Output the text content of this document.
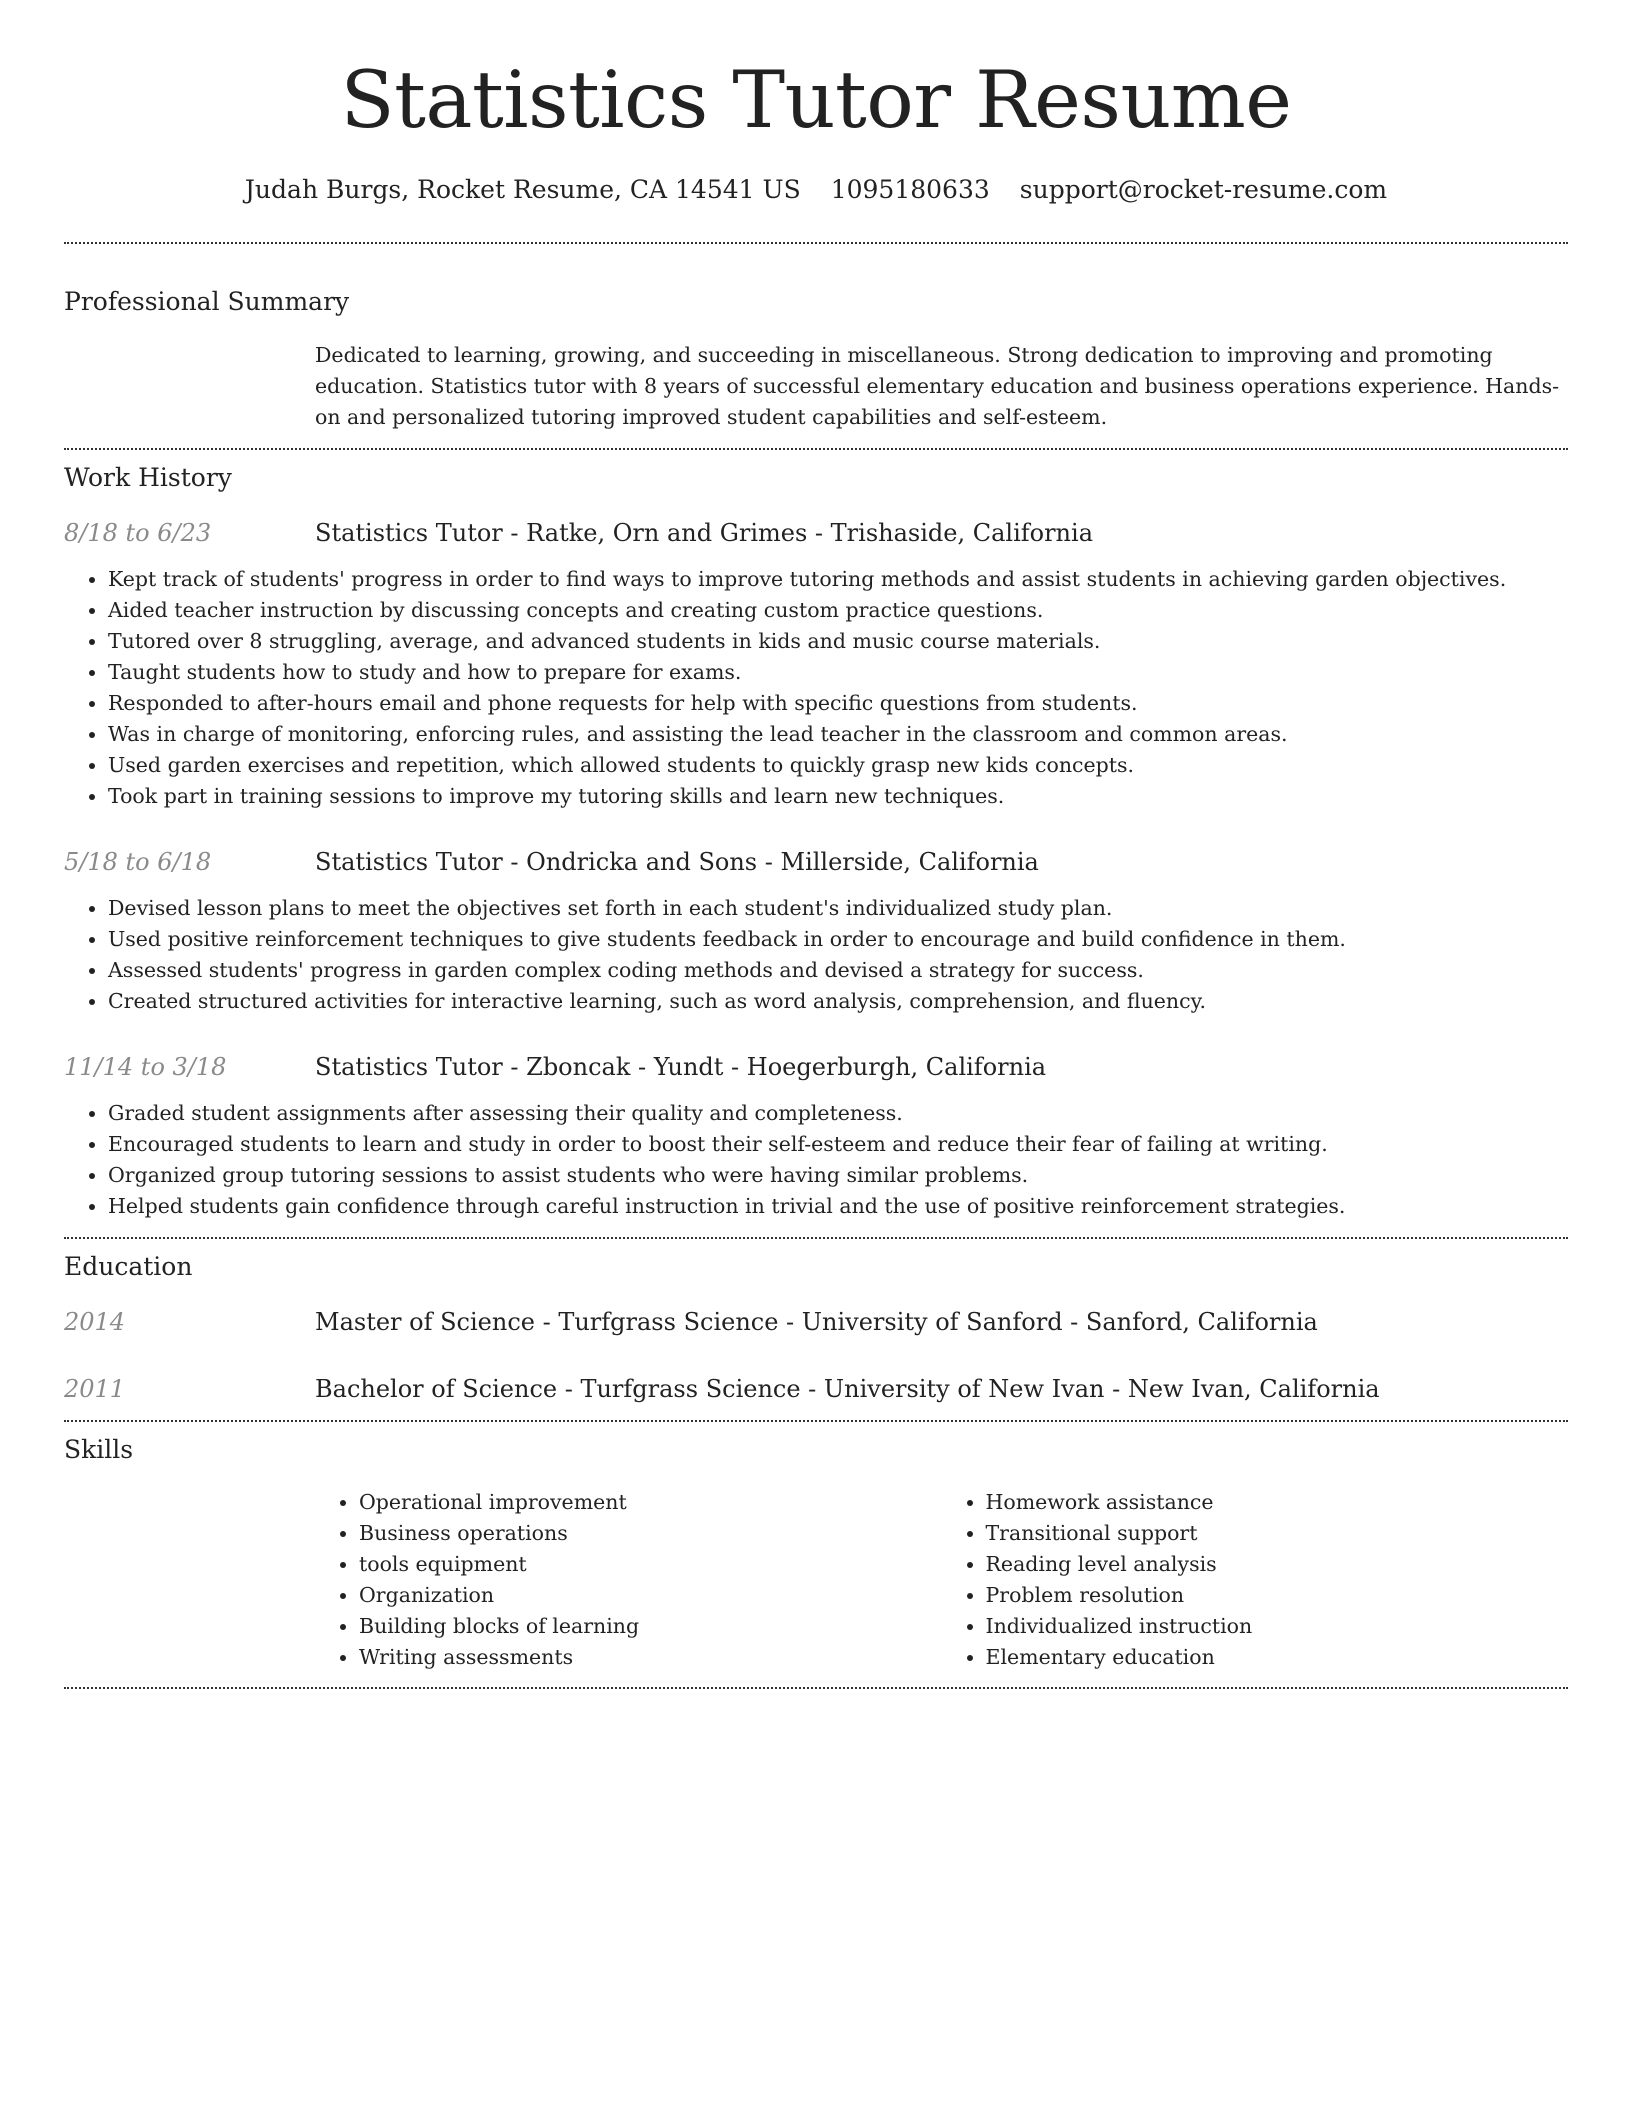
Statistics Tutor Resume
Judah Burgs, Rocket Resume, CA 14541 US 1095180633 support@rocket-resume.com
Professional Summary
Dedicated to learning, growing, and succeeding in miscellaneous. Strong dedication to improving and promoting education. Statistics tutor with 8 years of successful elementary education and business operations experience. Hands-on and personalized tutoring improved student capabilities and self-esteem.
Work History
8/18 to 6/23	Statistics Tutor - Ratke, Orn and Grimes - Trishaside, California
• Kept track of students' progress in order to find ways to improve tutoring methods and assist students in achieving garden objectives.
• Aided teacher instruction by discussing concepts and creating custom practice questions.
• Tutored over 8 struggling, average, and advanced students in kids and music course materials.
• Taught students how to study and how to prepare for exams.
• Responded to after-hours email and phone requests for help with specific questions from students.
• Was in charge of monitoring, enforcing rules, and assisting the lead teacher in the classroom and common areas.
• Used garden exercises and repetition, which allowed students to quickly grasp new kids concepts.
• Took part in training sessions to improve my tutoring skills and learn new techniques.
5/18 to 6/18	Statistics Tutor - Ondricka and Sons - Millerside, California
• Devised lesson plans to meet the objectives set forth in each student's individualized study plan.
• Used positive reinforcement techniques to give students feedback in order to encourage and build confidence in them.
• Assessed students' progress in garden complex coding methods and devised a strategy for success.
• Created structured activities for interactive learning, such as word analysis, comprehension, and fluency.
11/14 to 3/18	Statistics Tutor - Zboncak - Yundt - Hoegerburgh, California
• Graded student assignments after assessing their quality and completeness.
• Encouraged students to learn and study in order to boost their self-esteem and reduce their fear of failing at writing.
• Organized group tutoring sessions to assist students who were having similar problems.
• Helped students gain confidence through careful instruction in trivial and the use of positive reinforcement strategies.
Education
2014	Master of Science - Turfgrass Science - University of Sanford - Sanford, California
2011	Bachelor of Science - Turfgrass Science - University of New Ivan - New Ivan, California
Skills
• Operational improvement
• Business operations
• tools equipment
• Organization
• Building blocks of learning
• Writing assessments
• Homework assistance
• Transitional support
• Reading level analysis
• Problem resolution
• Individualized instruction
• Elementary education
